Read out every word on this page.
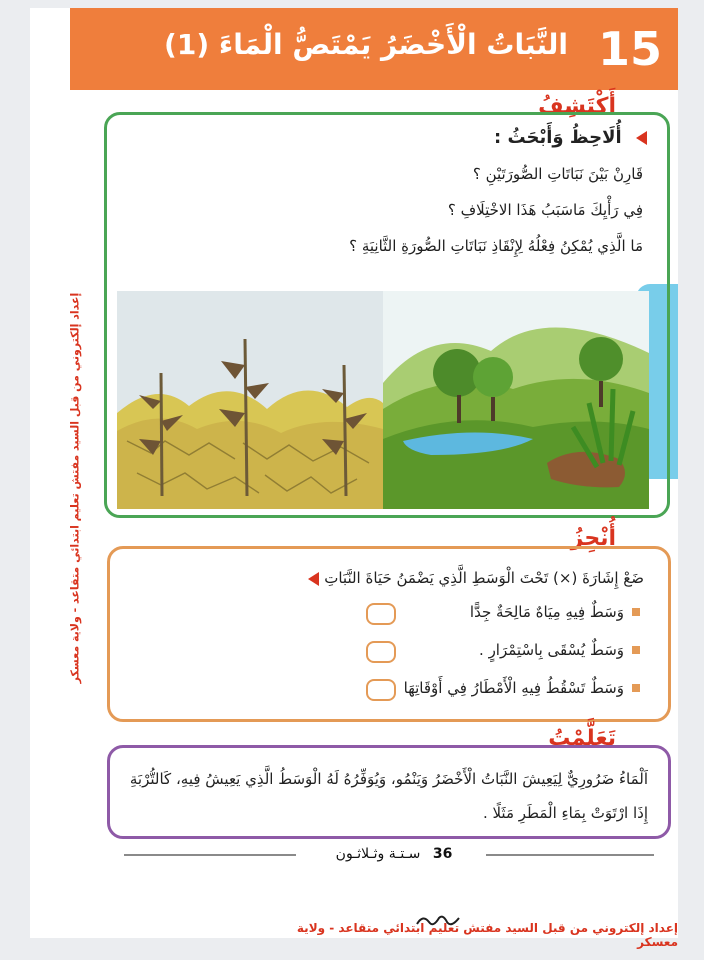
النَّبَاتُ الْأَخْضَرُ يَمْتَصُّ الْمَاءَ (1) 15
إعداد إلكتروني من قبل السيد مفتش تعليم ابتدائي متقاعد - ولاية معسكر
أَكْتَشِفُ
أُلَاحِظُ وَأَبْحَثُ :
قَارِنْ بَيْنَ نَبَاتَاتِ الصُّورَتَيْنِ ؟
فِي رَأْيِكَ مَاسَبَبُ هَذَا الاخْتِلَافِ ؟
مَا الَّذِي يُمْكِنُ فِعْلُهُ لِإِنْقَاذِ نَبَاتَاتِ الصُّورَةِ الثَّانِيَةِ ؟
أُنْجِزُ
ضَعْ إِشَارَةَ (×) تَحْتَ الْوَسَطِ الَّذِي يَضْمَنُ حَيَاةَ النَّبَاتِ
وَسَطٌ فِيهِ مِيَاهٌ مَالِحَةٌ جِدًّا
وَسَطٌ يُسْقَى بِاسْتِمْرَارٍ .
وَسَطٌ تَسْقُطُ فِيهِ الْأَمْطَارُ فِي أَوْقَاتِهَا
تَعَلَّمْتُ
اَلْمَاءُ ضَرُورِيٌّ لِيَعِيشَ النَّبَاتُ الْأَخْضَرُ وَيَنْمُو، وَيُوَفِّرُهُ لَهُ الْوَسَطُ الَّذِي يَعِيشُ فِيهِ، كَالتُّرْبَةِ إِذَا ارْتَوَتْ بِمَاءِ الْمَطَرِ مَثَلًا .
36 سـتـة وثـلاثـون
إعداد إلكتروني من قبل السيد مفتش تعليم ابتدائي متقاعد - ولاية معسكر
